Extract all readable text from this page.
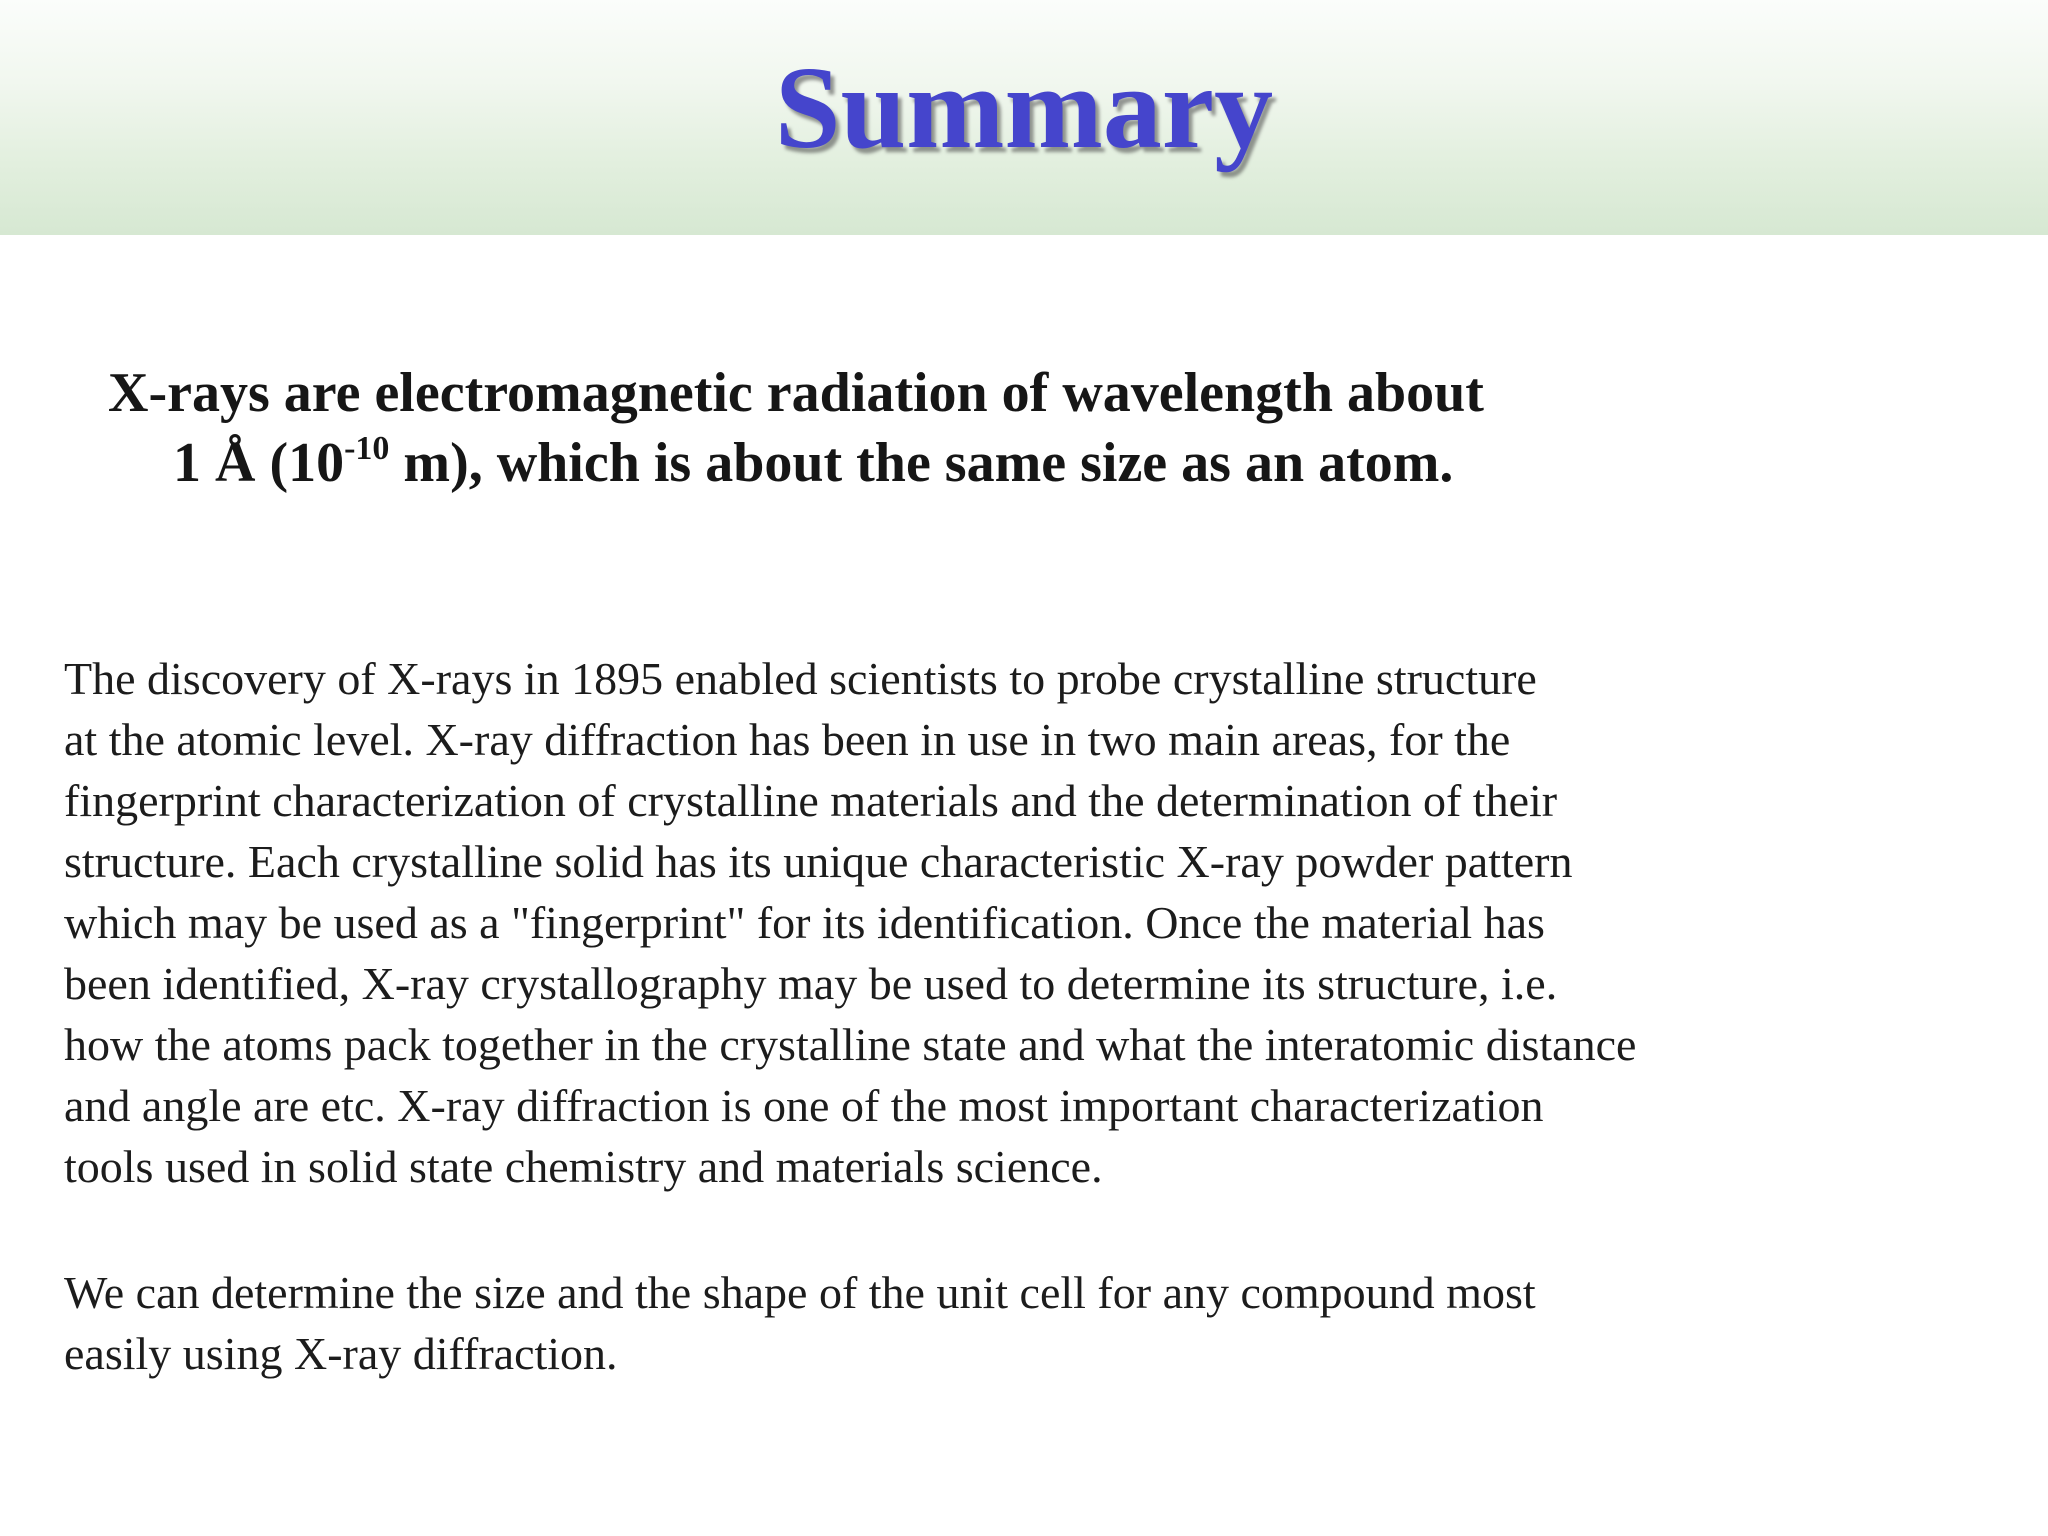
Summary
X-rays are electromagnetic radiation of wavelength about
1 Å ($10^{-10}$ m), which is about the same size as an atom.
The discovery of X-rays in 1895 enabled scientists to probe crystalline structure
at the atomic level. X-ray diffraction has been in use in two main areas, for the
fingerprint characterization of crystalline materials and the determination of their
structure. Each crystalline solid has its unique characteristic X-ray powder pattern
which may be used as a "fingerprint" for its identification. Once the material has
been identified, X-ray crystallography may be used to determine its structure, i.e.
how the atoms pack together in the crystalline state and what the interatomic distance
and angle are etc. X-ray diffraction is one of the most important characterization
tools used in solid state chemistry and materials science.
We can determine the size and the shape of the unit cell for any compound most
easily using X-ray diffraction.
